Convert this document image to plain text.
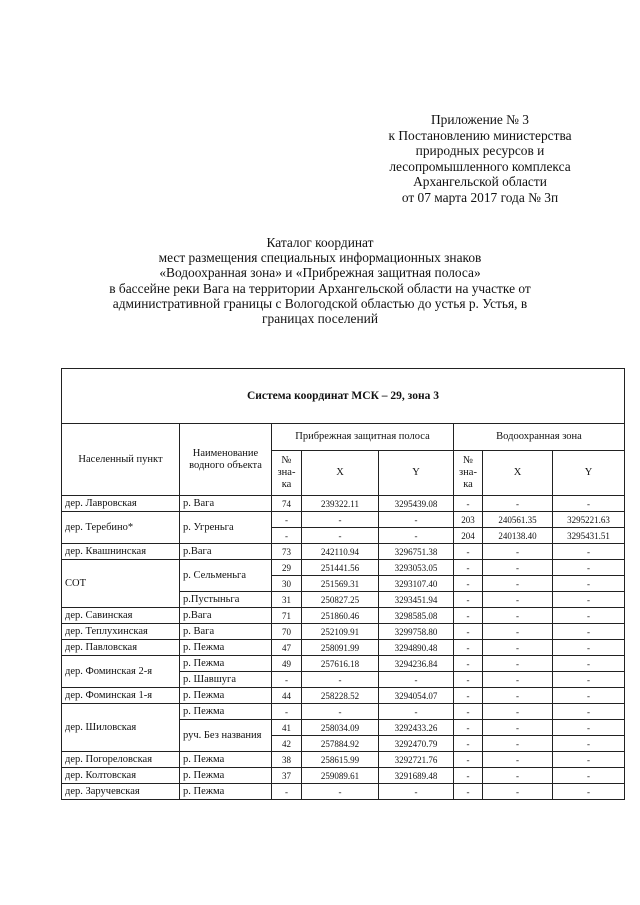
Приложение № 3
к Постановлению министерства
природных ресурсов и
лесопромышленного комплекса
Архангельской области
от 07 марта 2017 года № 3п
Каталог координат
мест размещения специальных информационных знаков
«Водоохранная зона» и «Прибрежная защитная полоса»
в бассейне реки Вага на территории Архангельской области на участке от
административной границы с Вологодской областью до устья р. Устья, в
границах поселений
Система координат МСК – 29, зона 3							
Населенный пункт	Наименование водного объекта	Прибрежная защитная полоса			Водоохранная зона		
		№ зна-ка	X	Y	№ зна-ка	X	Y
дер. Лавровская	р. Вага	74	239322.11	3295439.08	-	-	-
дер. Теребино*	р. Угреньга	-	-	-	203	240561.35	3295221.63
		-	-	-	204	240138.40	3295431.51
дер. Квашнинская	р.Вага	73	242110.94	3296751.38	-	-	-
СОТ	р. Сельменьга	29	251441.56	3293053.05	-	-	-
		30	251569.31	3293107.40	-	-	-
	р.Пустыньга	31	250827.25	3293451.94	-	-	-
дер. Савинская	р.Вага	71	251860.46	3298585.08	-	-	-
дер. Теплухинская	р. Вага	70	252109.91	3299758.80	-	-	-
дер. Павловская	р. Пежма	47	258091.99	3294890.48	-	-	-
дер. Фоминская 2-я	р. Пежма	49	257616.18	3294236.84	-	-	-
	р. Шавшуга	-	-	-	-	-	-
дер. Фоминская 1-я	р. Пежма	44	258228.52	3294054.07	-	-	-
дер. Шиловская	р. Пежма	-	-	-	-	-	-
	руч. Без названия	41	258034.09	3292433.26	-	-	-
		42	257884.92	3292470.79	-	-	-
дер. Погореловская	р. Пежма	38	258615.99	3292721.76	-	-	-
дер. Колтовская	р. Пежма	37	259089.61	3291689.48	-	-	-
дер. Заручевская	р. Пежма	-	-	-	-	-	-
